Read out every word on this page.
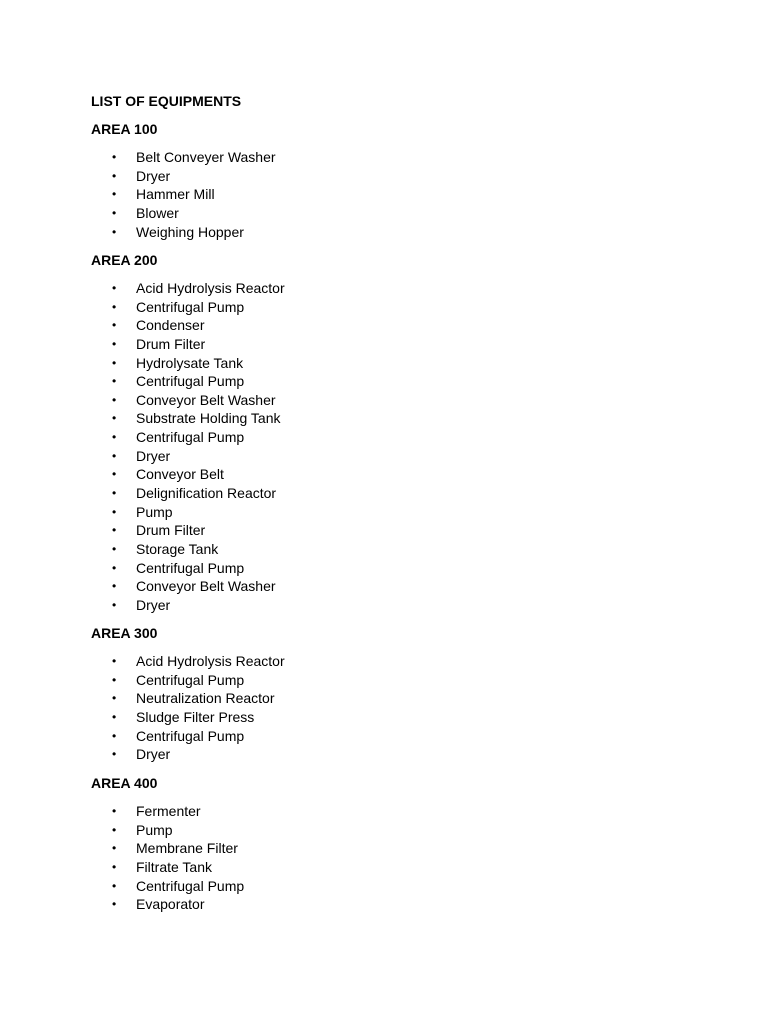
LIST OF EQUIPMENTS
AREA 100
• Belt Conveyer Washer
• Dryer
• Hammer Mill
• Blower
• Weighing Hopper
AREA 200
• Acid Hydrolysis Reactor
• Centrifugal Pump
• Condenser
• Drum Filter
• Hydrolysate Tank
• Centrifugal Pump
• Conveyor Belt Washer
• Substrate Holding Tank
• Centrifugal Pump
• Dryer
• Conveyor Belt
• Delignification Reactor
• Pump
• Drum Filter
• Storage Tank
• Centrifugal Pump
• Conveyor Belt Washer
• Dryer
AREA 300
• Acid Hydrolysis Reactor
• Centrifugal Pump
• Neutralization Reactor
• Sludge Filter Press
• Centrifugal Pump
• Dryer
AREA 400
• Fermenter
• Pump
• Membrane Filter
• Filtrate Tank
• Centrifugal Pump
• Evaporator
